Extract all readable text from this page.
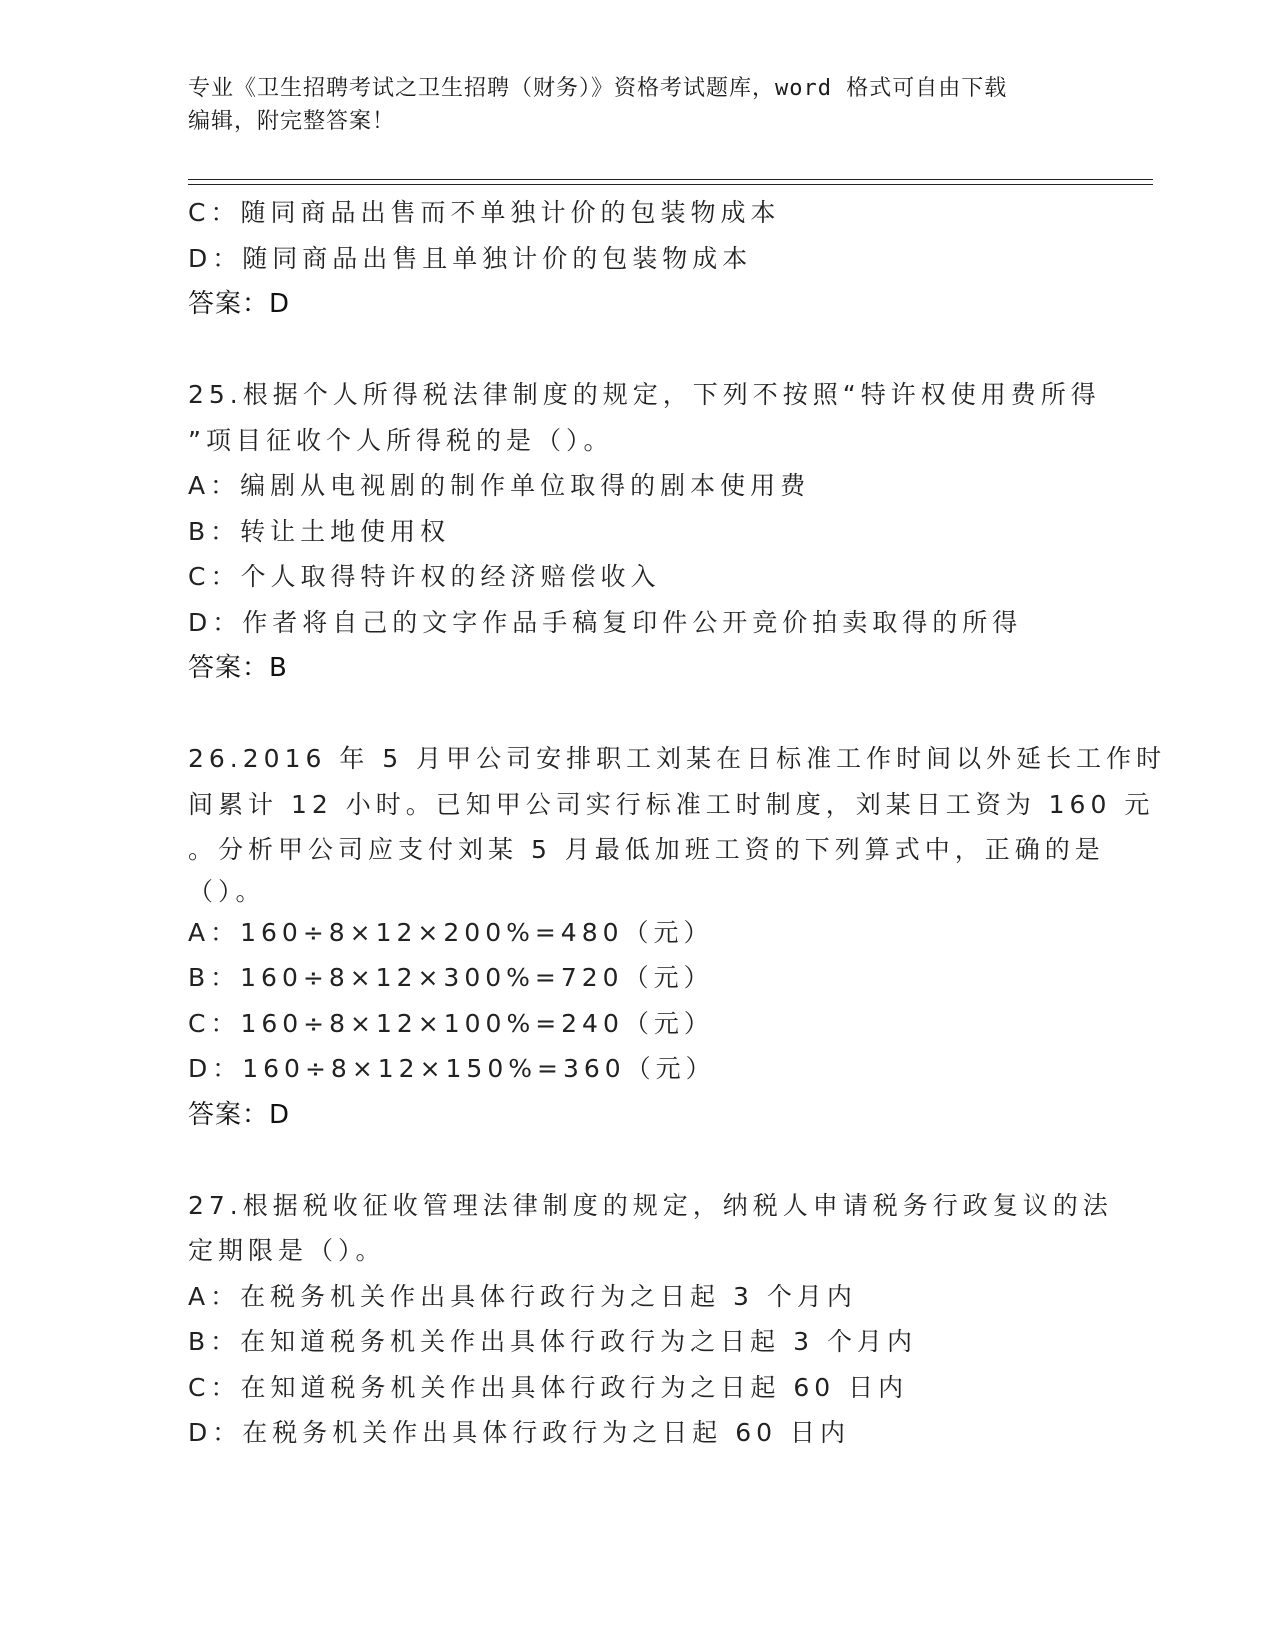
专业《卫生招聘考试之卫生招聘（财务）》资格考试题库，word 格式可自由下载
编辑，附完整答案！
C：随同商品出售而不单独计价的包装物成本
D：随同商品出售且单独计价的包装物成本
答案：D
25.根据个人所得税法律制度的规定，下列不按照“特许权使用费所得
”项目征收个人所得税的是（）。
A：编剧从电视剧的制作单位取得的剧本使用费
B：转让土地使用权
C：个人取得特许权的经济赔偿收入
D：作者将自己的文字作品手稿复印件公开竞价拍卖取得的所得
答案：B
26.2016 年 5 月甲公司安排职工刘某在日标准工作时间以外延长工作时
间累计 12 小时。已知甲公司实行标准工时制度，刘某日工资为 160 元
。分析甲公司应支付刘某 5 月最低加班工资的下列算式中，正确的是
（）。
A：160÷8×12×200%=480（元）
B：160÷8×12×300%=720（元）
C：160÷8×12×100%=240（元）
D：160÷8×12×150%=360（元）
答案：D
27.根据税收征收管理法律制度的规定，纳税人申请税务行政复议的法
定期限是（）。
A：在税务机关作出具体行政行为之日起 3 个月内
B：在知道税务机关作出具体行政行为之日起 3 个月内
C：在知道税务机关作出具体行政行为之日起 60 日内
D：在税务机关作出具体行政行为之日起 60 日内
